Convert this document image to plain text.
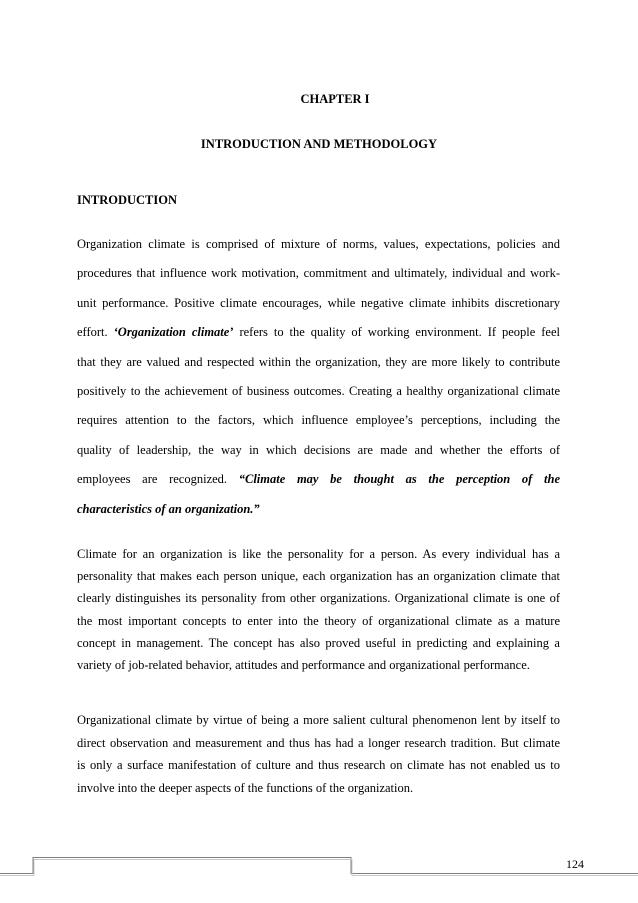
CHAPTER I
INTRODUCTION AND METHODOLOGY
INTRODUCTION
Organization climate is comprised of mixture of norms, values, expectations, policies and
procedures that influence work motivation, commitment and ultimately, individual and work-
unit performance. Positive climate encourages, while negative climate inhibits discretionary
effort. ‘Organization climate’ refers to the quality of working environment. If people feel
that they are valued and respected within the organization, they are more likely to contribute
positively to the achievement of business outcomes. Creating a healthy organizational climate
requires attention to the factors, which influence employee’s perceptions, including the
quality of leadership, the way in which decisions are made and whether the efforts of
employees are recognized. “Climate may be thought as the perception of the
characteristics of an organization.”
Climate for an organization is like the personality for a person. As every individual has a
personality that makes each person unique, each organization has an organization climate that
clearly distinguishes its personality from other organizations. Organizational climate is one of
the most important concepts to enter into the theory of organizational climate as a mature
concept in management. The concept has also proved useful in predicting and explaining a
variety of job-related behavior, attitudes and performance and organizational performance.
Organizational climate by virtue of being a more salient cultural phenomenon lent by itself to
direct observation and measurement and thus has had a longer research tradition. But climate
is only a surface manifestation of culture and thus research on climate has not enabled us to
involve into the deeper aspects of the functions of the organization.
124
